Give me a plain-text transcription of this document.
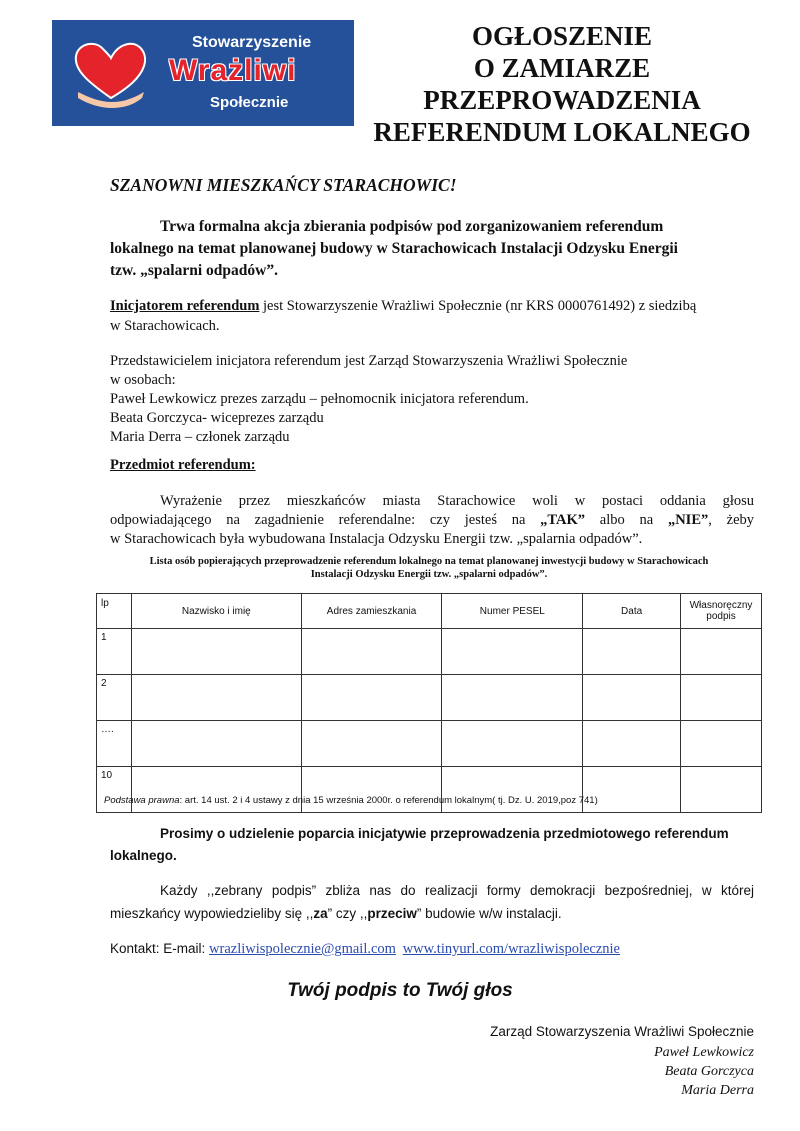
Stowarzyszenie
Wrażliwi
Społecznie
OGŁOSZENIE
O ZAMIARZE
PRZEPROWADZENIA
REFERENDUM LOKALNEGO
SZANOWNI MIESZKAŃCY STARACHOWIC!
Trwa formalna akcja zbierania podpisów pod zorganizowaniem referendum
lokalnego na temat planowanej budowy w Starachowicach Instalacji Odzysku Energii
tzw. „spalarni odpadów”.
Inicjatorem referendum jest Stowarzyszenie Wrażliwi Społecznie (nr KRS 0000761492) z siedzibą
w Starachowicach.
Przedstawicielem inicjatora referendum jest Zarząd Stowarzyszenia Wrażliwi Społecznie
w osobach:
Paweł Lewkowicz prezes zarządu – pełnomocnik inicjatora referendum.
Beata Gorczyca- wiceprezes zarządu
Maria Derra – członek zarządu
Przedmiot referendum:
Wyrażenie przez mieszkańców miasta Starachowice woli w postaci oddania głosu
odpowiadającego na zagadnienie referendalne: czy jesteś na „TAK” albo na „NIE”, żeby
w Starachowicach była wybudowana Instalacja Odzysku Energii tzw. „spalarnia odpadów”.
Lista osób popierających przeprowadzenie referendum lokalnego na temat planowanej inwestycji budowy w Starachowicach
Instalacji Odzysku Energii tzw. „spalarni odpadów”.
lp	Nazwisko i imię	Adres zamieszkania	Numer PESEL	Data	Własnoręczny podpis
1					
2					
….					
10					
Podstawa prawna: art. 14 ust. 2 i 4 ustawy z dnia 15 września 2000r. o referendum lokalnym( tj. Dz. U. 2019,poz 741)
Prosimy o udzielenie poparcia inicjatywie przeprowadzenia przedmiotowego referendum
lokalnego.
Każdy ,,zebrany podpis” zbliża nas do realizacji formy demokracji bezpośredniej, w której
mieszkańcy wypowiedzieliby się ,,za” czy ,,przeciw” budowie w/w instalacji.
Kontakt: E-mail: wrazliwispolecznie@gmail.com www.tinyurl.com/wrazliwispolecznie
Twój podpis to Twój głos
Zarząd Stowarzyszenia Wrażliwi Społecznie
Paweł Lewkowicz
Beata Gorczyca
Maria Derra
